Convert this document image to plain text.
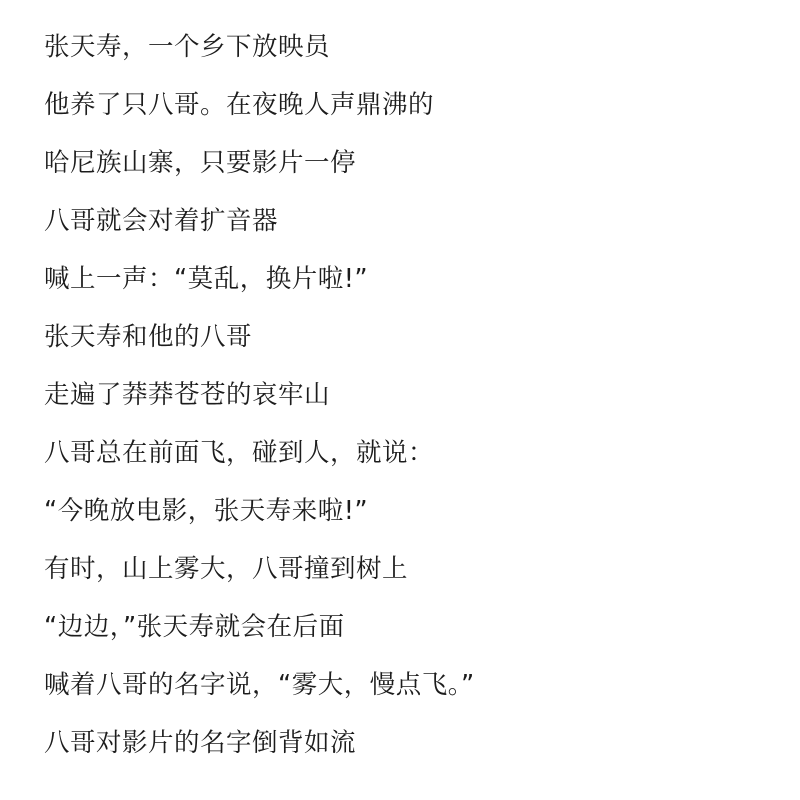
张天寿，一个乡下放映员
他养了只八哥。在夜晚人声鼎沸的
哈尼族山寨，只要影片一停
八哥就会对着扩音器
喊上一声：“莫乱，换片啦!”
张天寿和他的八哥
走遍了莽莽苍苍的哀牢山
八哥总在前面飞，碰到人，就说：
“今晚放电影，张天寿来啦!”
有时，山上雾大，八哥撞到树上
“边边，”张天寿就会在后面
喊着八哥的名字说，“雾大，慢点飞。”
八哥对影片的名字倒背如流
